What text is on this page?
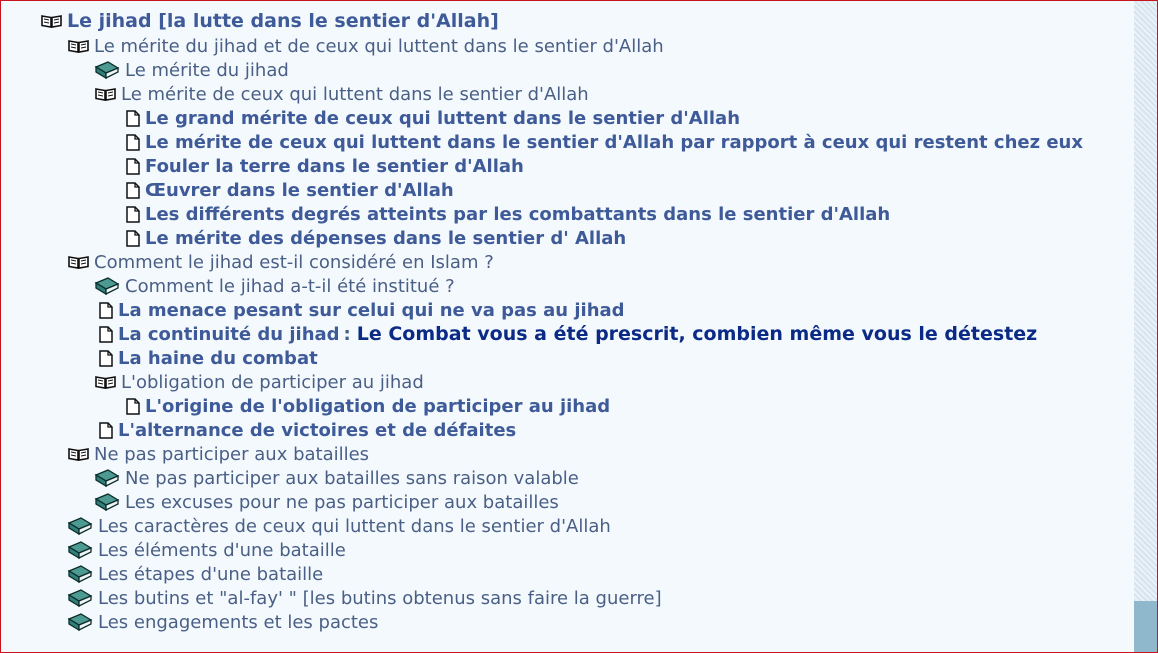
Le jihad [la lutte dans le sentier d'Allah]
Le mérite du jihad et de ceux qui luttent dans le sentier d'Allah
Le mérite du jihad
Le mérite de ceux qui luttent dans le sentier d'Allah
Le grand mérite de ceux qui luttent dans le sentier d'Allah
Le mérite de ceux qui luttent dans le sentier d'Allah par rapport à ceux qui restent chez eux
Fouler la terre dans le sentier d'Allah
Œuvrer dans le sentier d'Allah
Les différents degrés atteints par les combattants dans le sentier d'Allah
Le mérite des dépenses dans le sentier d' Allah
Comment le jihad est-il considéré en Islam ?
Comment le jihad a-t-il été institué ?
La menace pesant sur celui qui ne va pas au jihad
La continuité du jihad : Le Combat vous a été prescrit, combien même vous le détestez
La haine du combat
L'obligation de participer au jihad
L'origine de l'obligation de participer au jihad
L'alternance de victoires et de défaites
Ne pas participer aux batailles
Ne pas participer aux batailles sans raison valable
Les excuses pour ne pas participer aux batailles
Les caractères de ceux qui luttent dans le sentier d'Allah
Les éléments d'une bataille
Les étapes d'une bataille
Les butins et "al-fay' " [les butins obtenus sans faire la guerre]
Les engagements et les pactes
